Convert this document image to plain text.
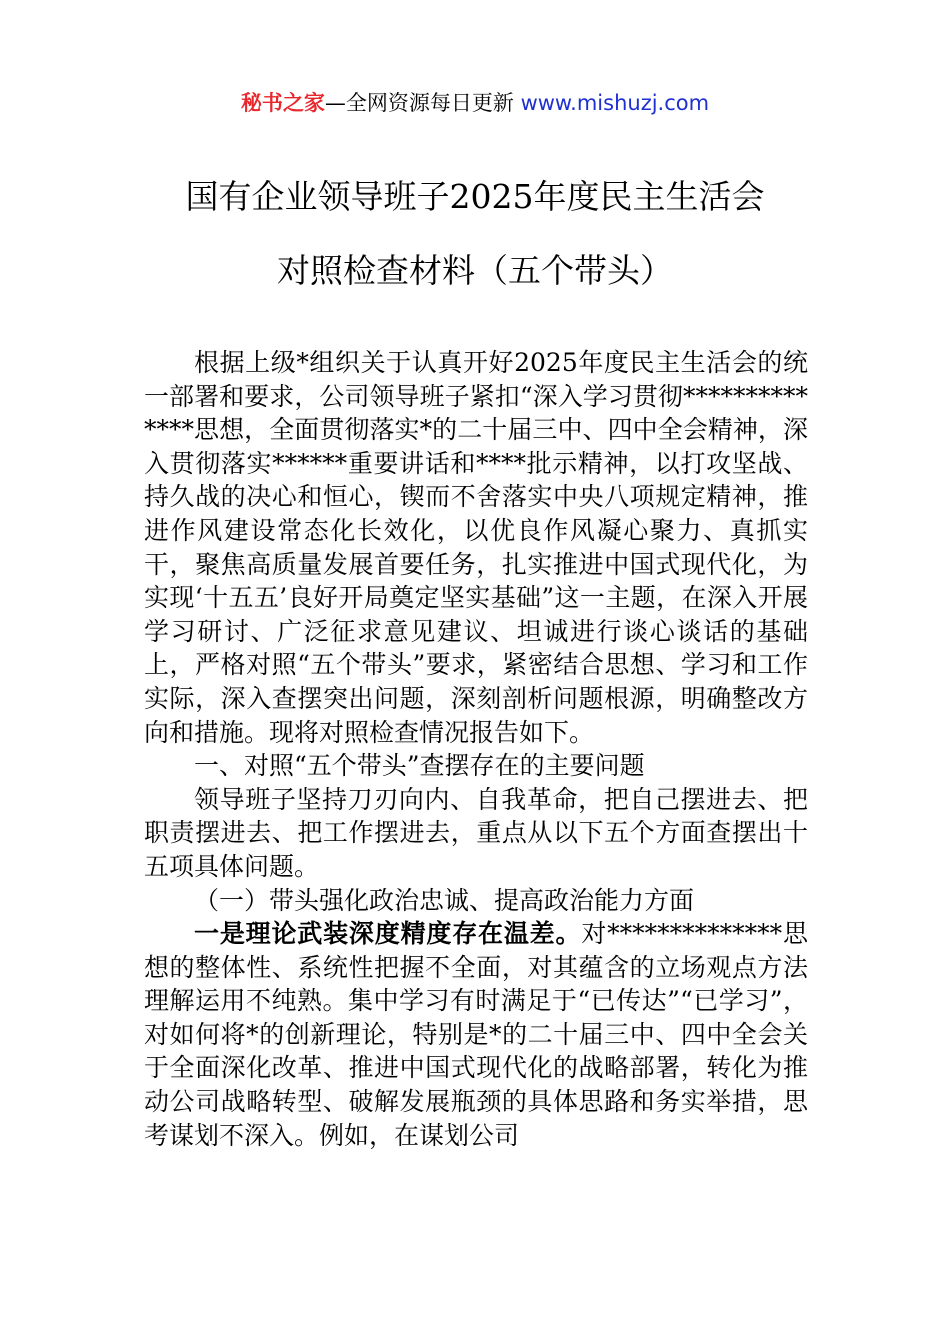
秘书之家—全网资源每日更新 www.mishuzj.com
国有企业领导班子2025年度民主生活会
对照检查材料（五个带头）

根据上级*组织关于认真开好2025年度民主生活会的统一部署和要求，公司领导班子紧扣“深入学习贯彻**************思想，全面贯彻落实*的二十届三中、四中全会精神，深入贯彻落实******重要讲话和****批示精神，以打攻坚战、持久战的决心和恒心，锲而不舍落实中央八项规定精神，推进作风建设常态化长效化，以优良作风凝心聚力、真抓实干，聚焦高质量发展首要任务，扎实推进中国式现代化，为实现‘十五五’良好开局奠定坚实基础”这一主题，在深入开展学习研讨、广泛征求意见建议、坦诚进行谈心谈话的基础上，严格对照“五个带头”要求，紧密结合思想、学习和工作实际，深入查摆突出问题，深刻剖析问题根源，明确整改方向和措施。现将对照检查情况报告如下。

一、对照“五个带头”查摆存在的主要问题

领导班子坚持刀刃向内、自我革命，把自己摆进去、把职责摆进去、把工作摆进去，重点从以下五个方面查摆出十五项具体问题。

（一）带头强化政治忠诚、提高政治能力方面

一是理论武装深度精度存在温差。对**************思想的整体性、系统性把握不全面，对其蕴含的立场观点方法理解运用不纯熟。集中学习有时满足于“已传达”“已学习”，对如何将*的创新理论，特别是*的二十届三中、四中全会关于全面深化改革、推进中国式现代化的战略部署，转化为推动公司战略转型、破解发展瓶颈的具体思路和务实举措，思考谋划不深入。例如，在谋划公司
